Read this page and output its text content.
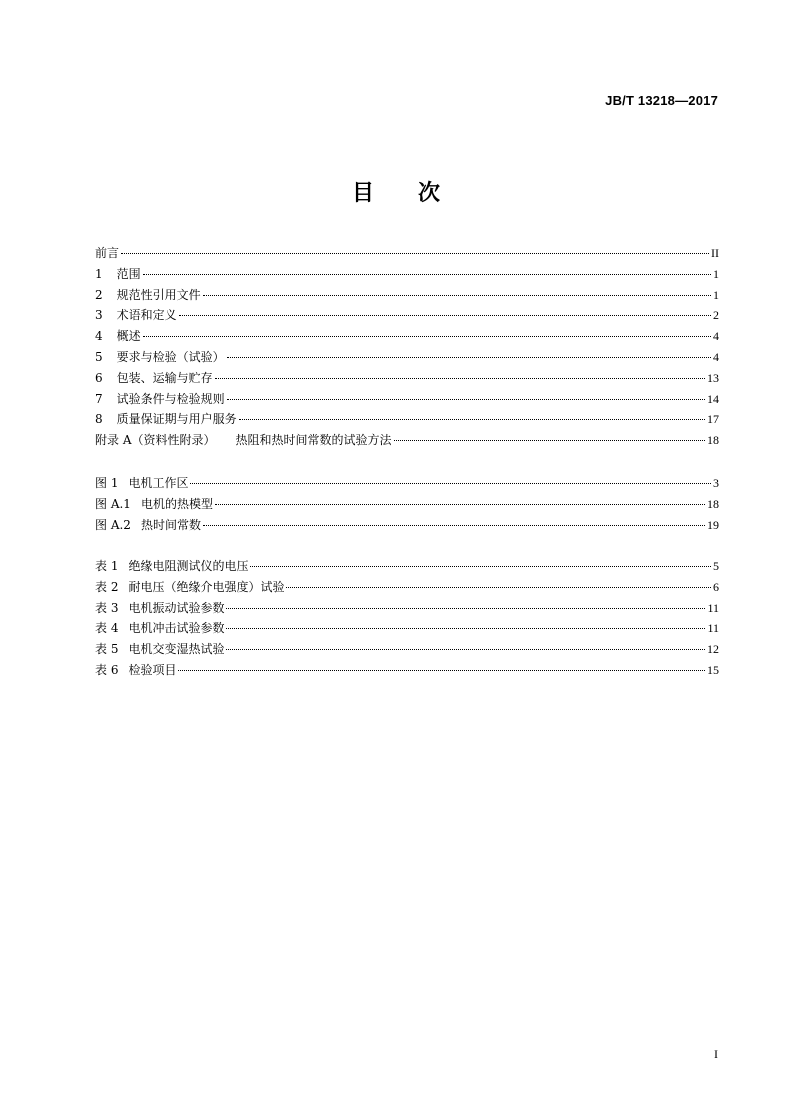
JB/T 13218—2017
目次
前言	II
1 范围	1
2 规范性引用文件	1
3 术语和定义	2
4 概述	4
5 要求与检验（试验）	4
6 包装、运输与贮存	13
7 试验条件与检验规则	14
8 质量保证期与用户服务	17
附录 A（资料性附录） 热阻和热时间常数的试验方法	18
图 1 电机工作区	3
图 A.1 电机的热模型	18
图 A.2 热时间常数	19
表 1 绝缘电阻测试仪的电压	5
表 2 耐电压（绝缘介电强度）试验	6
表 3 电机振动试验参数	11
表 4 电机冲击试验参数	11
表 5 电机交变湿热试验	12
表 6 检验项目	15
I
